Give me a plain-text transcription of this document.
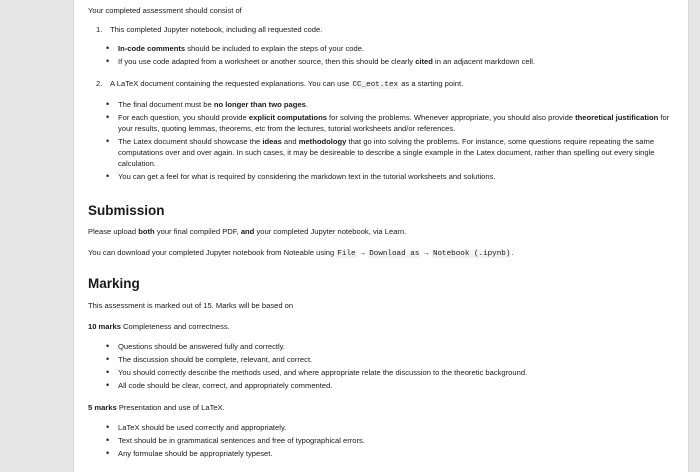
Your completed assessment should consist of
1. This completed Jupyter notebook, including all requested code.
• In-code comments should be included to explain the steps of your code.
• If you use code adapted from a worksheet or another source, then this should be clearly cited in an adjacent markdown cell.
2. A LaTeX document containing the requested explanations. You can use CC_eot.tex as a starting point.
• The final document must be no longer than two pages.
• For each question, you should provide explicit computations for solving the problems. Whenever appropriate, you should also provide theoretical justification for your results, quoting lemmas, theorems, etc from the lectures, tutorial worksheets and/or references.
• The Latex document should showcase the ideas and methodology that go into solving the problems. For instance, some questions require repeating the same computations over and over again. In such cases, it may be desireable to describe a single example in the Latex document, rather than spelling out every single calculation.
• You can get a feel for what is required by considering the markdown text in the tutorial worksheets and solutions.
Submission
Please upload both your final compiled PDF, and your completed Jupyter notebook, via Learn.
You can download your completed Jupyter notebook from Noteable using File → Download as → Notebook (.ipynb).
Marking
This assessment is marked out of 15. Marks will be based on
10 marks Completeness and correctness.
• Questions should be answered fully and correctly.
• The discussion should be complete, relevant, and correct.
• You should correctly describe the methods used, and where appropriate relate the discussion to the theoretic background.
• All code should be clear, correct, and appropriately commented.
5 marks Presentation and use of LaTeX.
• LaTeX should be used correctly and appropriately.
• Text should be in grammatical sentences and free of typographical errors.
• Any formulae should be appropriately typeset.
